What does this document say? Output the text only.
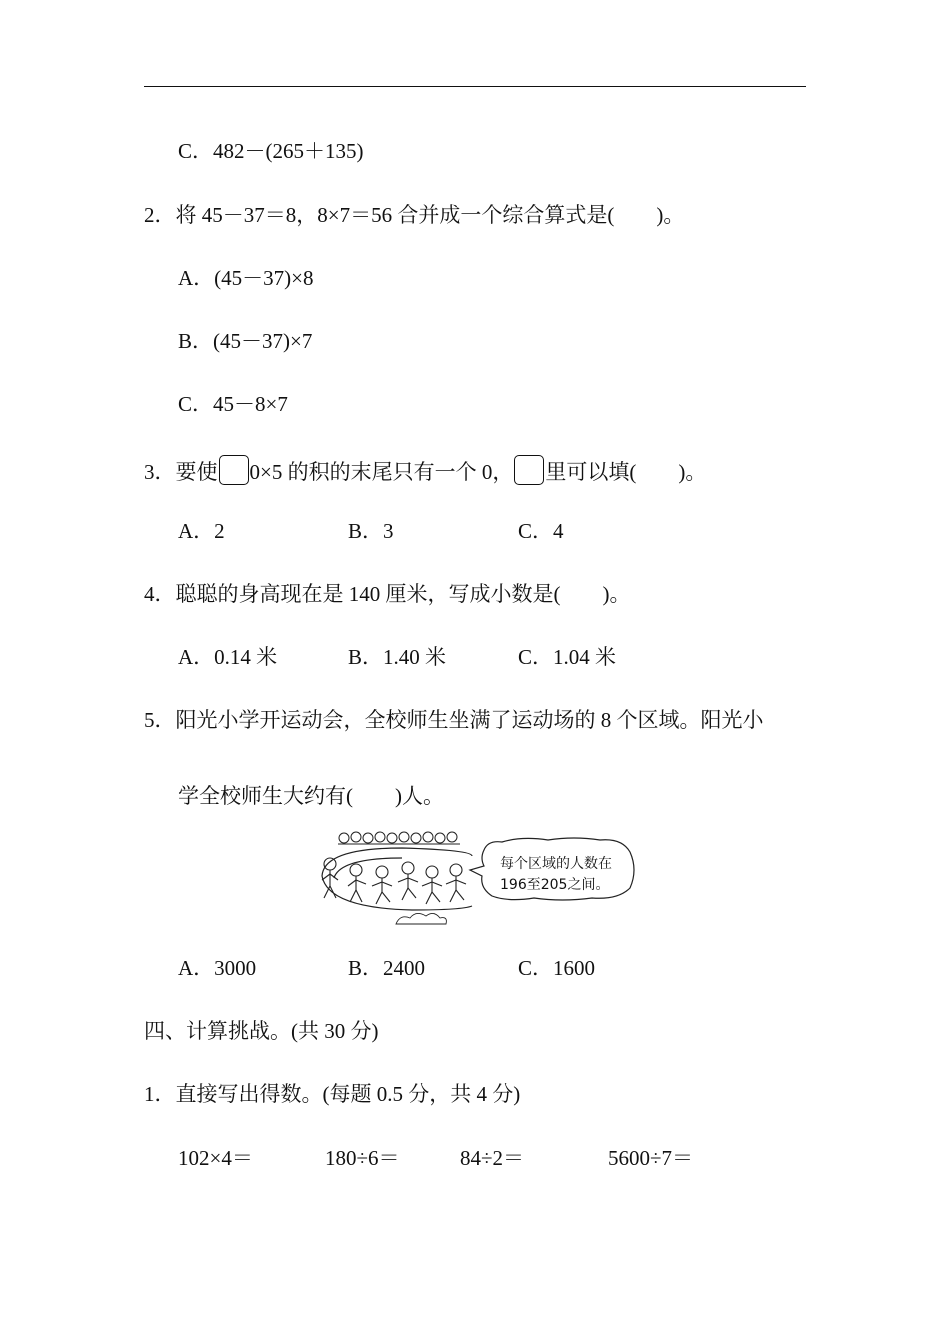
C．482－(265＋135)
2．将 45－37＝8，8×7＝56 合并成一个综合算式是(　　)。
A．(45－37)×8
B．(45－37)×7
C．45－8×7
3．要使 0×5 的积的末尾只有一个 0， 里可以填(　　)。
A．2	B．3	C．4
4．聪聪的身高现在是 140 厘米，写成小数是(　　)。
A．0.14 米	B．1.40 米	C．1.04 米
5．阳光小学开运动会，全校师生坐满了运动场的 8 个区域。阳光小
学全校师生大约有(　　)人。
每个区域的人数在
196至205之间。
A．3000	B．2400	C．1600
四、计算挑战。(共 30 分)
1．直接写出得数。(每题 0.5 分，共 4 分)
102×4＝	180÷6＝	84÷2＝	5600÷7＝
